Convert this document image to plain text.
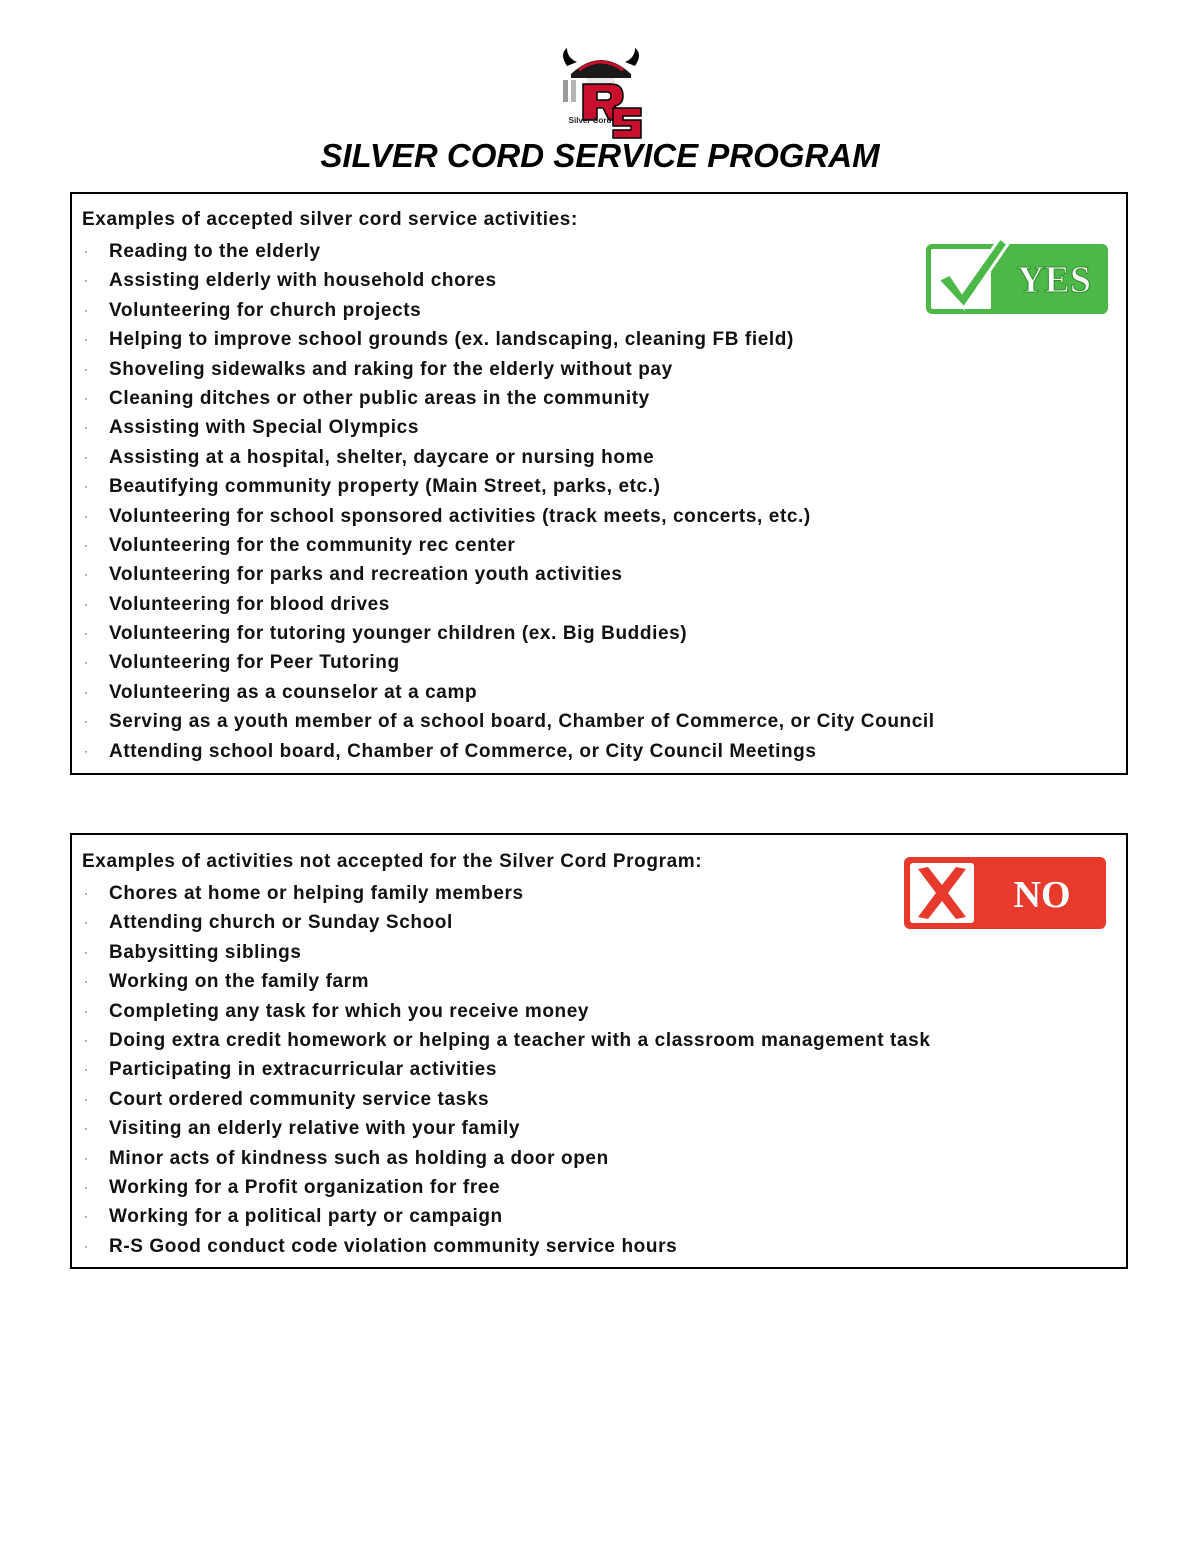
Silver Cord
SILVER CORD SERVICE PROGRAM
Examples of accepted silver cord service activities:
· Reading to the elderly
· Assisting elderly with household chores
· Volunteering for church projects
· Helping to improve school grounds (ex. landscaping, cleaning FB field)
· Shoveling sidewalks and raking for the elderly without pay
· Cleaning ditches or other public areas in the community
· Assisting with Special Olympics
· Assisting at a hospital, shelter, daycare or nursing home
· Beautifying community property (Main Street, parks, etc.)
· Volunteering for school sponsored activities (track meets, concerts, etc.)
· Volunteering for the community rec center
· Volunteering for parks and recreation youth activities
· Volunteering for blood drives
· Volunteering for tutoring younger children (ex. Big Buddies)
· Volunteering for Peer Tutoring
· Volunteering as a counselor at a camp
· Serving as a youth member of a school board, Chamber of Commerce, or City Council
· Attending school board, Chamber of Commerce, or City Council Meetings
YES
Examples of activities not accepted for the Silver Cord Program:
· Chores at home or helping family members
· Attending church or Sunday School
· Babysitting siblings
· Working on the family farm
· Completing any task for which you receive money
· Doing extra credit homework or helping a teacher with a classroom management task
· Participating in extracurricular activities
· Court ordered community service tasks
· Visiting an elderly relative with your family
· Minor acts of kindness such as holding a door open
· Working for a Profit organization for free
· Working for a political party or campaign
· R-S Good conduct code violation community service hours
NO
